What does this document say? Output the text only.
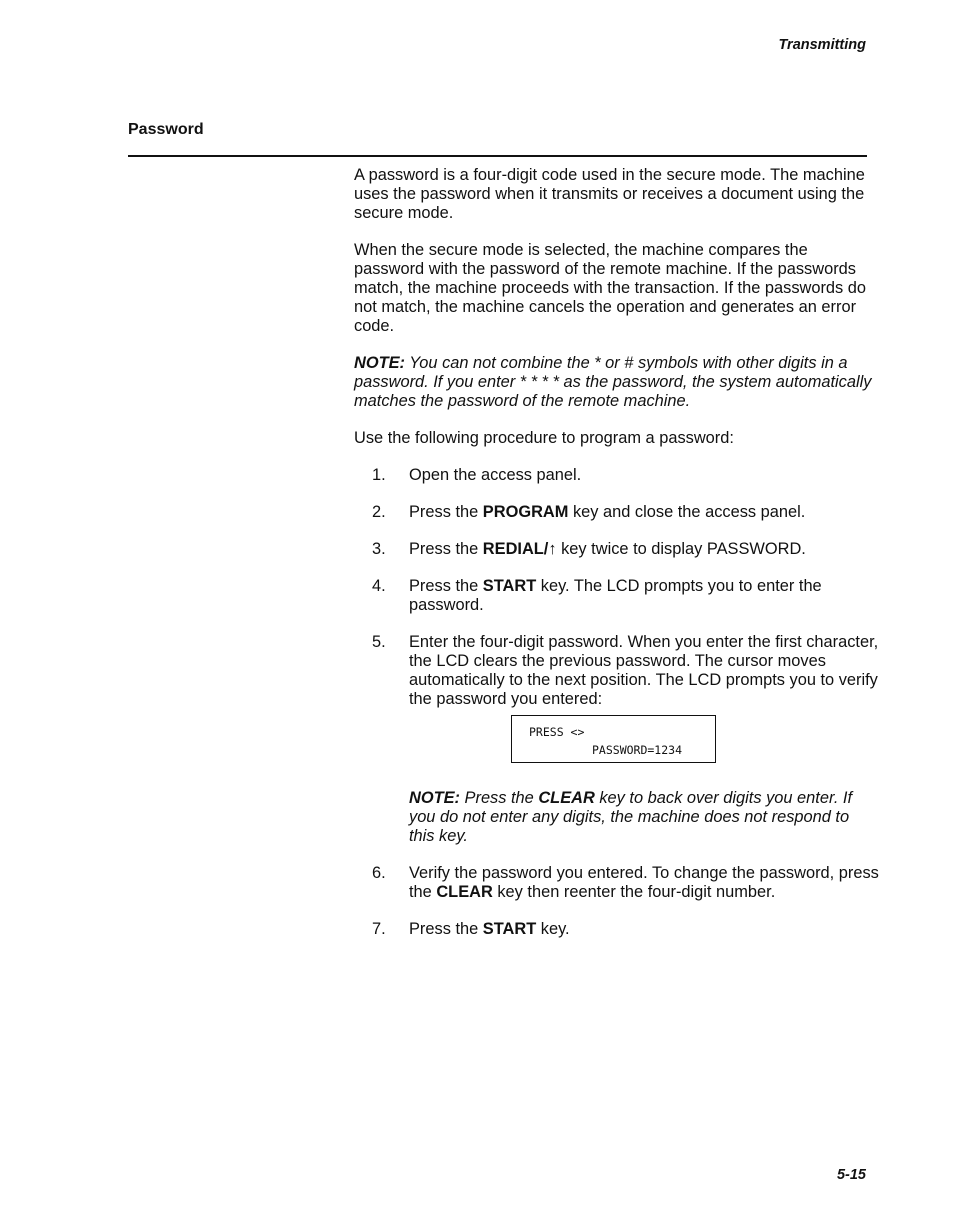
Transmitting
Password

A password is a four-digit code used in the secure mode. The machine uses the password when it transmits or receives a document using the secure mode.

When the secure mode is selected, the machine compares the password with the password of the remote machine. If the passwords match, the machine proceeds with the transaction. If the passwords do not match, the machine cancels the operation and generates an error code.

NOTE: You can not combine the * or # symbols with other digits in a password. If you enter * * * * as the password, the system automatically matches the password of the remote machine.

Use the following procedure to program a password:

1. Open the access panel.
2. Press the PROGRAM key and close the access panel.
3. Press the REDIAL/↑ key twice to display PASSWORD.
4. Press the START key. The LCD prompts you to enter the password.
5. Enter the four-digit password. When you enter the first character, the LCD clears the previous password. The cursor moves automatically to the next position. The LCD prompts you to verify the password you entered:
PRESS <>
PASSWORD=1234
NOTE: Press the CLEAR key to back over digits you enter. If you do not enter any digits, the machine does not respond to this key.
6. Verify the password you entered. To change the password, press the CLEAR key then reenter the four-digit number.
7. Press the START key.
5-15
